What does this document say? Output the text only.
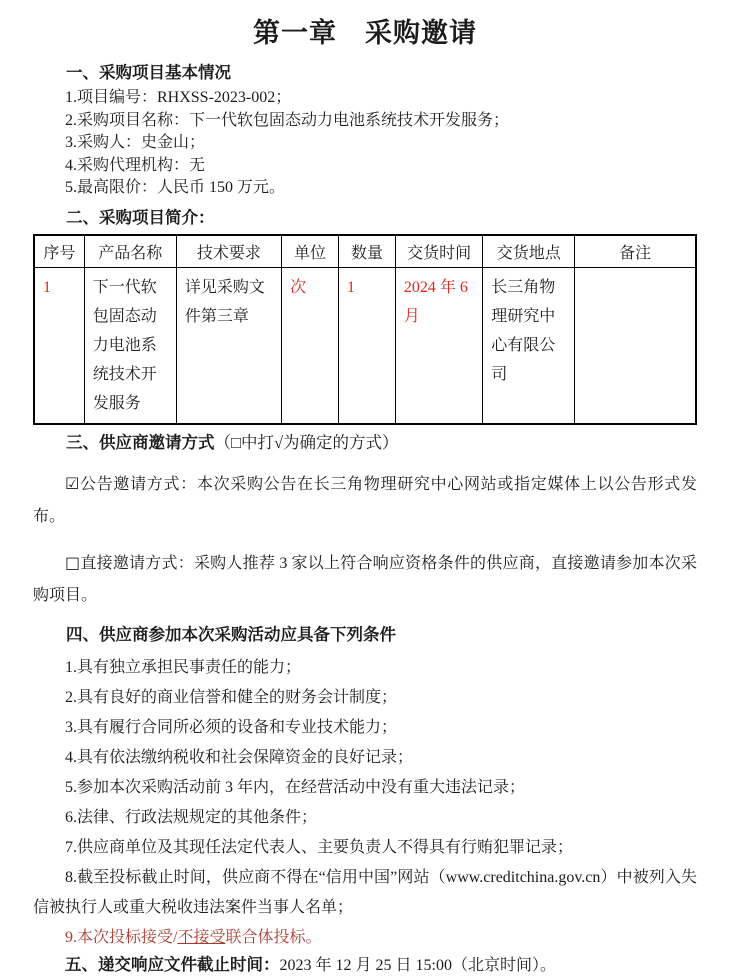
第一章　采购邀请
一、采购项目基本情况

1.项目编号：RHXSS-2023-002；

2.采购项目名称：下一代软包固态动力电池系统技术开发服务；

3.采购人：史金山；

4.采购代理机构：无

5.最高限价：人民币 150 万元。

二、采购项目简介：
序号	产品名称	技术要求	单位	数量	交货时间	交货地点	备注
1	下一代软包固态动力电池系统技术开发服务	详见采购文件第三章	次	1	2024 年 6 月	长三角物理研究中心有限公司	
三、供应商邀请方式（□中打√为确定的方式）

☑公告邀请方式：本次采购公告在长三角物理研究中心网站或指定媒体上以公告形式发布。

□直接邀请方式：采购人推荐 3 家以上符合响应资格条件的供应商，直接邀请参加本次采购项目。

四、供应商参加本次采购活动应具备下列条件

1.具有独立承担民事责任的能力；

2.具有良好的商业信誉和健全的财务会计制度；

3.具有履行合同所必须的设备和专业技术能力；

4.具有依法缴纳税收和社会保障资金的良好记录；

5.参加本次采购活动前 3 年内，在经营活动中没有重大违法记录；

6.法律、行政法规规定的其他条件；

7.供应商单位及其现任法定代表人、主要负责人不得具有行贿犯罪记录；

8.截至投标截止时间，供应商不得在“信用中国”网站（www.creditchina.gov.cn）中被列入失信被执行人或重大税收违法案件当事人名单；

9.本次投标接受/不接受联合体投标。

五、递交响应文件截止时间：2023 年 12 月 25 日 15:00（北京时间）。
